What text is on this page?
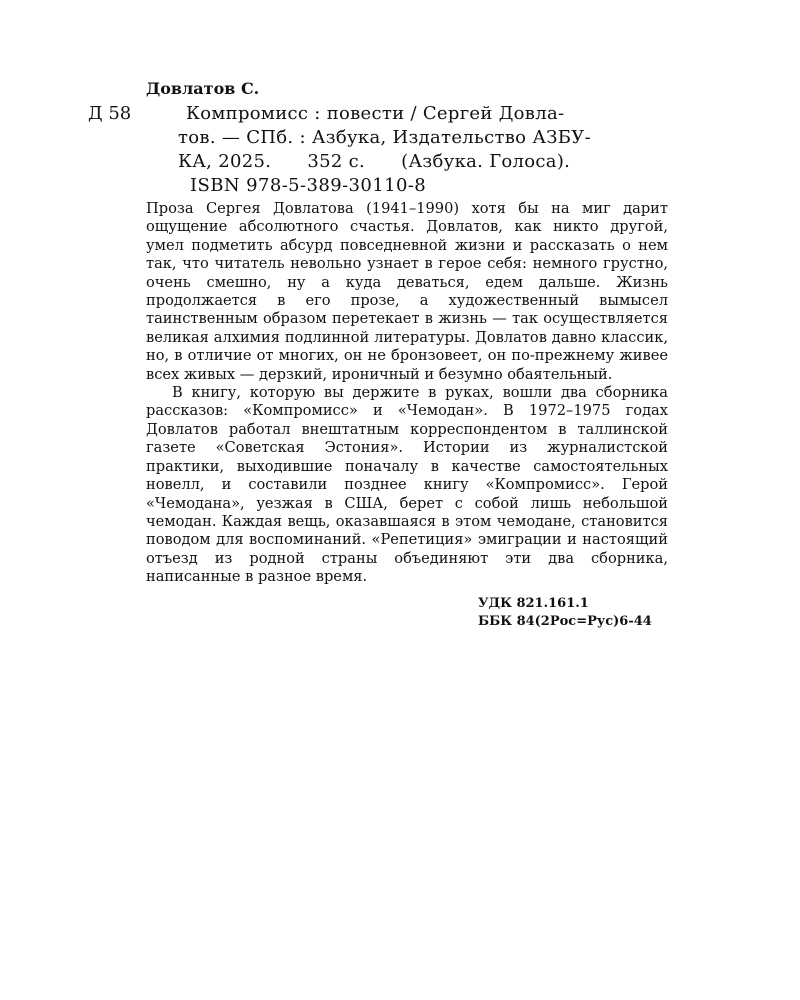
Довлатов С.
Д 58	Компромисс : повести / Сергей Довла-
тов. — СПб. : Азбука, Издательство АЗБУ-
КА, 2025.      352 с.      (Азбука. Голоса).
ISBN 978-5-389-30110-8

Проза Сергея Довлатова (1941–1990) хотя бы на миг дарит ощущение абсолютного счастья. Довлатов, как никто другой, умел подметить абсурд повседневной жизни и рассказать о нем так, что читатель невольно узнает в герое себя: немного грустно, очень смешно, ну а куда деваться, едем дальше. Жизнь продолжается в его прозе, а художественный вымысел таинственным образом перетекает в жизнь — так осуществляется великая алхимия подлинной литературы. Довлатов давно классик, но, в отличие от многих, он не бронзовеет, он по-прежнему живее всех живых — дерзкий, ироничный и безумно обаятельный.

В книгу, которую вы держите в руках, вошли два сборника рассказов: «Компромисс» и «Чемодан». В 1972–1975 годах Довлатов работал внештатным корреспондентом в таллинской газете «Советская Эстония». Истории из журналистской практики, выходившие поначалу в качестве самостоятельных новелл, и составили позднее книгу «Компромисс». Герой «Чемодана», уезжая в США, берет с собой лишь небольшой чемодан. Каждая вещь, оказавшаяся в этом чемодане, становится поводом для воспоминаний. «Репетиция» эмиграции и настоящий отъезд из родной страны объединяют эти два сборника, написанные в разное время.

УДК 821.161.1
ББК 84(2Рос=Рус)6-44
